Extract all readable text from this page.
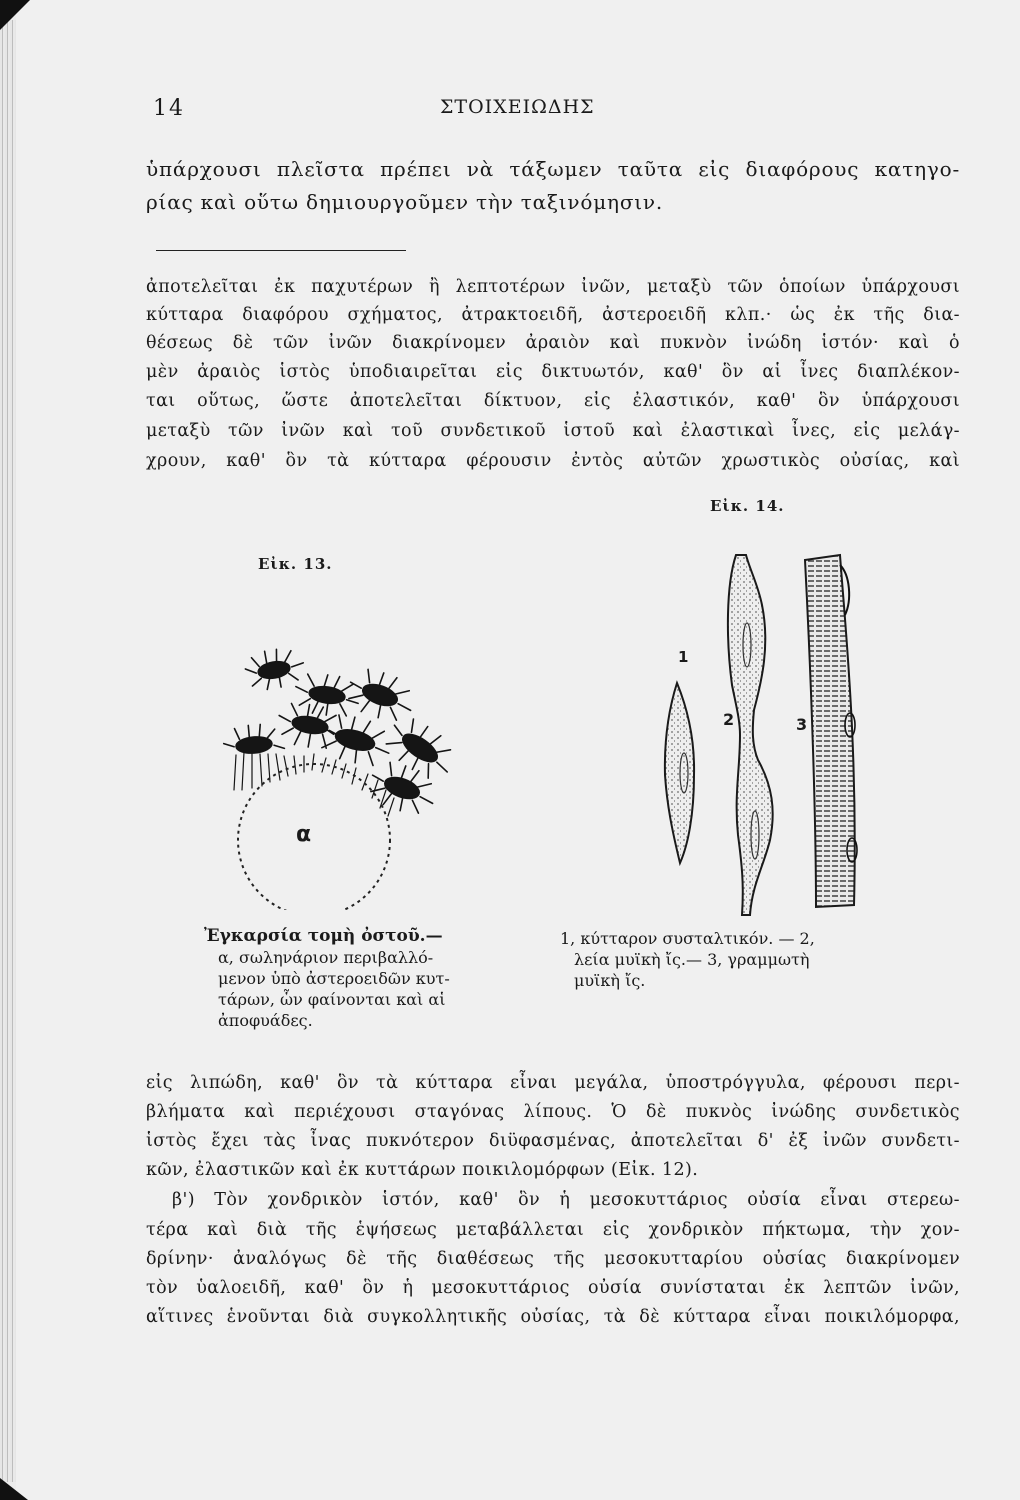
14	ΣΤΟΙΧΕΙΩΔΗΣ
ὑπάρχουσι πλεῖστα πρέπει νὰ τάξωμεν ταῦτα εἰς διαφόρους κατηγο-
ρίας καὶ οὕτω δημιουργοῦμεν τὴν ταξινόμησιν.
ἀποτελεῖται ἐκ παχυτέρων ἢ λεπτοτέρων ἰνῶν, μεταξὺ τῶν ὁποίων ὑπάρχουσι
κύτταρα διαφόρου σχήματος, ἀτρακτοειδῆ, ἀστεροειδῆ κλπ.· ὡς ἐκ τῆς δια-
θέσεως δὲ τῶν ἰνῶν διακρίνομεν ἀραιὸν καὶ πυκνὸν ἰνώδη ἱστόν· καὶ ὁ
μὲν ἀραιὸς ἱστὸς ὑποδιαιρεῖται εἰς δικτυωτόν, καθ' ὃν αἱ ἶνες διαπλέκον-
ται οὕτως, ὥστε ἀποτελεῖται δίκτυον, εἰς ἐλαστικόν, καθ' ὃν ὑπάρχουσι
μεταξὺ τῶν ἰνῶν καὶ τοῦ συνδετικοῦ ἱστοῦ καὶ ἐλαστικαὶ ἶνες, εἰς μελάγ-
χρουν, καθ' ὃν τὰ κύτταρα φέρουσιν ἐντὸς αὐτῶν χρωστικὸς οὐσίας, καὶ
Εἰκ. 13.
Εἰκ. 14.
α
1
2	3
Ἐγκαρσία τομὴ ὀστοῦ.—
α, σωληνάριον περιβαλλό-
μενον ὑπὸ ἀστεροειδῶν κυτ-
τάρων, ὧν φαίνονται καὶ αἱ
ἀποφυάδες.
1, κύτταρον συσταλτικόν. — 2,
λεία μυϊκὴ ἴς.— 3, γραμμωτὴ
μυϊκὴ ἴς.
εἰς λιπώδη, καθ' ὃν τὰ κύτταρα εἶναι μεγάλα, ὑποστρόγγυλα, φέρουσι περι-
βλήματα καὶ περιέχουσι σταγόνας λίπους. Ὁ δὲ πυκνὸς ἰνώδης συνδετικὸς
ἱστὸς ἔχει τὰς ἶνας πυκνότερον διϋφασμένας, ἀποτελεῖται δ' ἐξ ἰνῶν συνδετι-
κῶν, ἐλαστικῶν καὶ ἐκ κυττάρων ποικιλομόρφων (Εἰκ. 12).
β') Τὸν χονδρικὸν ἱστόν, καθ' ὃν ἡ μεσοκυττάριος οὐσία εἶναι στερεω-
τέρα καὶ διὰ τῆς ἑψήσεως μεταβάλλεται εἰς χονδρικὸν πήκτωμα, τὴν χον-
δρίνην· ἀναλόγως δὲ τῆς διαθέσεως τῆς μεσοκυτταρίου οὐσίας διακρίνομεν
τὸν ὑαλοειδῆ, καθ' ὃν ἡ μεσοκυττάριος οὐσία συνίσταται ἐκ λεπτῶν ἰνῶν,
αἵτινες ἑνοῦνται διὰ συγκολλητικῆς οὐσίας, τὰ δὲ κύτταρα εἶναι ποικιλόμορφα,
